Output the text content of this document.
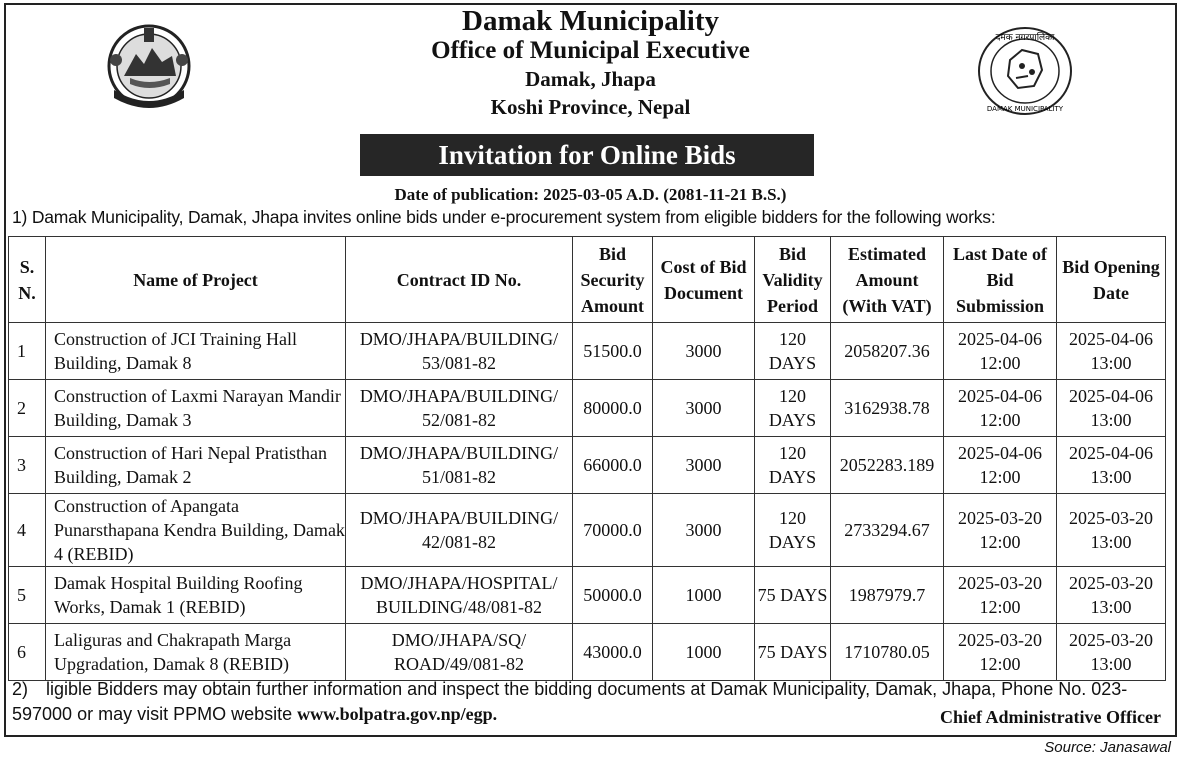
दमक नगरपालिका
DAMAK MUNICIPALITY
Damak Municipality
Office of Municipal Executive
Damak, Jhapa
Koshi Province, Nepal
Invitation for Online Bids
Date of publication: 2025-03-05 A.D. (2081-11-21 B.S.)
1) Damak Municipality, Damak, Jhapa invites online bids under e-procurement system from eligible bidders for the following works:
S. N.	Name of Project	Contract ID No.	Bid Security Amount	Cost of Bid Document	Bid Validity Period	Estimated Amount (With VAT)	Last Date of Bid Submission	Bid Opening Date
1	Construction of JCI Training Hall Building, Damak 8	DMO/JHAPA/BUILDING/ 53/081-82	51500.0	3000	120 DAYS	2058207.36	2025-04-06 12:00	2025-04-06 13:00
2	Construction of Laxmi Narayan Mandir Building, Damak 3	DMO/JHAPA/BUILDING/ 52/081-82	80000.0	3000	120 DAYS	3162938.78	2025-04-06 12:00	2025-04-06 13:00
3	Construction of Hari Nepal Pratisthan Building, Damak 2	DMO/JHAPA/BUILDING/ 51/081-82	66000.0	3000	120 DAYS	2052283.189	2025-04-06 12:00	2025-04-06 13:00
4	Construction of Apangata Punarsthapana Kendra Building, Damak 4 (REBID)	DMO/JHAPA/BUILDING/ 42/081-82	70000.0	3000	120 DAYS	2733294.67	2025-03-20 12:00	2025-03-20 13:00
5	Damak Hospital Building Roofing Works, Damak 1 (REBID)	DMO/JHAPA/HOSPITAL/ BUILDING/48/081-82	50000.0	1000	75 DAYS	1987979.7	2025-03-20 12:00	2025-03-20 13:00
6	Laliguras and Chakrapath Marga Upgradation, Damak 8 (REBID)	DMO/JHAPA/SQ/ ROAD/49/081-82	43000.0	1000	75 DAYS	1710780.05	2025-03-20 12:00	2025-03-20 13:00
2) ligible Bidders may obtain further information and inspect the bidding documents at Damak Municipality, Damak, Jhapa, Phone No. 023-597000 or may visit PPMO website www.bolpatra.gov.np/egp.	Chief Administrative Officer
Source: Janasawal
